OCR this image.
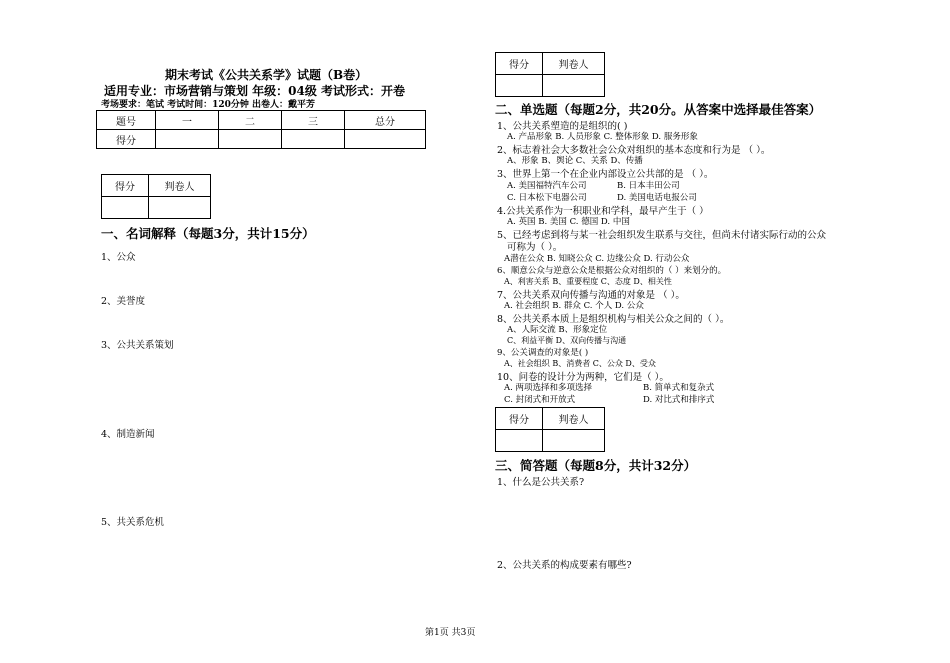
期末考试《公共关系学》试题（B卷）
适用专业：市场营销与策划 年级：04级 考试形式：开卷
考场要求：笔试 考试时间：120分钟 出卷人：戴平芳
题号	一	二	三	总分
得分				
得分	判卷人

一、名词解释（每题3分，共计15分）
1、公众
2、美誉度
3、公共关系策划
4、制造新闻
5、共关系危机
得分	判卷人

二、单选题（每题2分，共20分。从答案中选择最佳答案）
1、公共关系塑造的是组织的( )
A. 产品形象 B. 人员形象 C. 整体形象 D. 服务形象
2、标志着社会大多数社会公众对组织的基本态度和行为是 （ ）。
A、形象 B、舆论 C、关系 D、传播
3、世界上第一个在企业内部设立公共部的是 （ ）。
A. 美国福特汽车公司	B. 日本丰田公司
C. 日本松下电器公司	D. 美国电话电报公司
4.公共关系作为一积职业和学科，最早产生于（ ）
A. 英国 B. 美国 C. 德国 D. 中国
5、已经考虑到将与某一社会组织发生联系与交往，但尚未付诸实际行动的公众
可称为（ ）。
A潜在公众 B. 知晓公众 C. 边缘公众 D. 行动公众
6、顺意公众与逆意公众是根据公众对组织的（ ）来划分的。
A、利害关系 B、重要程度 C、态度 D、相关性
7、公共关系双向传播与沟通的对象是 （ ）。
A. 社会组织 B. 群众 C. 个人 D. 公众
8、公共关系本质上是组织机构与相关公众之间的（ ）。
A、人际交流 B、形象定位
C、利益平衡 D、双向传播与沟通
9、公关调查的对象是( )
A、社会组织 B、消费者 C、公众 D、受众
10、问卷的设计分为两种，它们是（ ）。
A. 两项选择和多项选择	B. 简单式和复杂式
C. 封闭式和开放式	D. 对比式和排序式
得分	判卷人

三、简答题（每题8分，共计32分）
1、什么是公共关系?
2、公共关系的构成要素有哪些?
第1页 共3页
